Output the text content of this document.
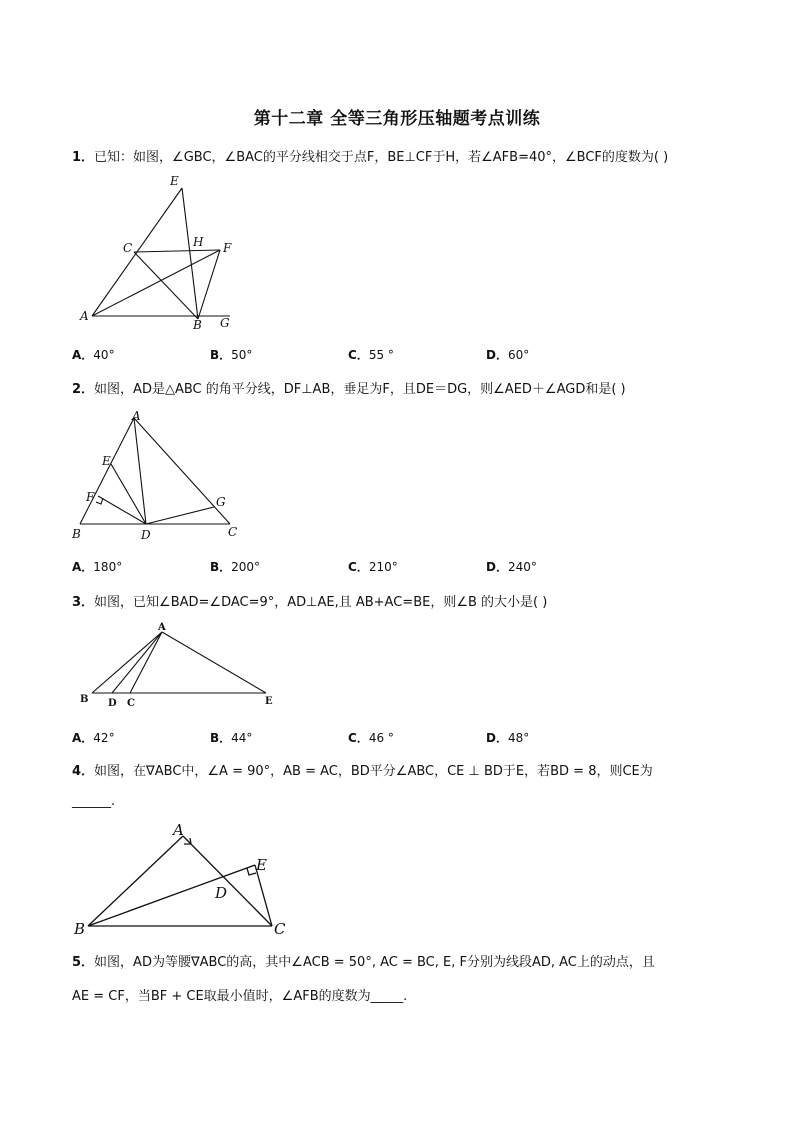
第十二章 全等三角形压轴题考点训练
1．已知：如图，∠GBC，∠BAC的平分线相交于点F，BE⊥CF于H，若∠AFB=40°，∠BCF的度数为( )
E
C	H F
A
B G
A．40°	B．50°	C．55 °	D．60°
2．如图，AD是△ABC 的角平分线，DF⊥AB，垂足为F，且DE＝DG，则∠AED＋∠AGD和是( )
A
E
F	G
B	D	C
A．180°	B．200°	C．210°	D．240°
3．如图，已知∠BAD=∠DAC=9°，AD⊥AE,且 AB+AC=BE，则∠B 的大小是( )
A
B D C	E
A．42°	B．44°	C．46 °	D．48°
4．如图，在∇ABC中，∠A = 90°，AB = AC，BD平分∠ABC，CE ⊥ BD于E，若BD = 8，则CE为
______.
A
E
D
B	C
5．如图，AD为等腰∇ABC的高，其中∠ACB = 50°, AC = BC, E, F分别为线段AD, AC上的动点，且
AE = CF，当BF + CE取最小值时，∠AFB的度数为_____.
